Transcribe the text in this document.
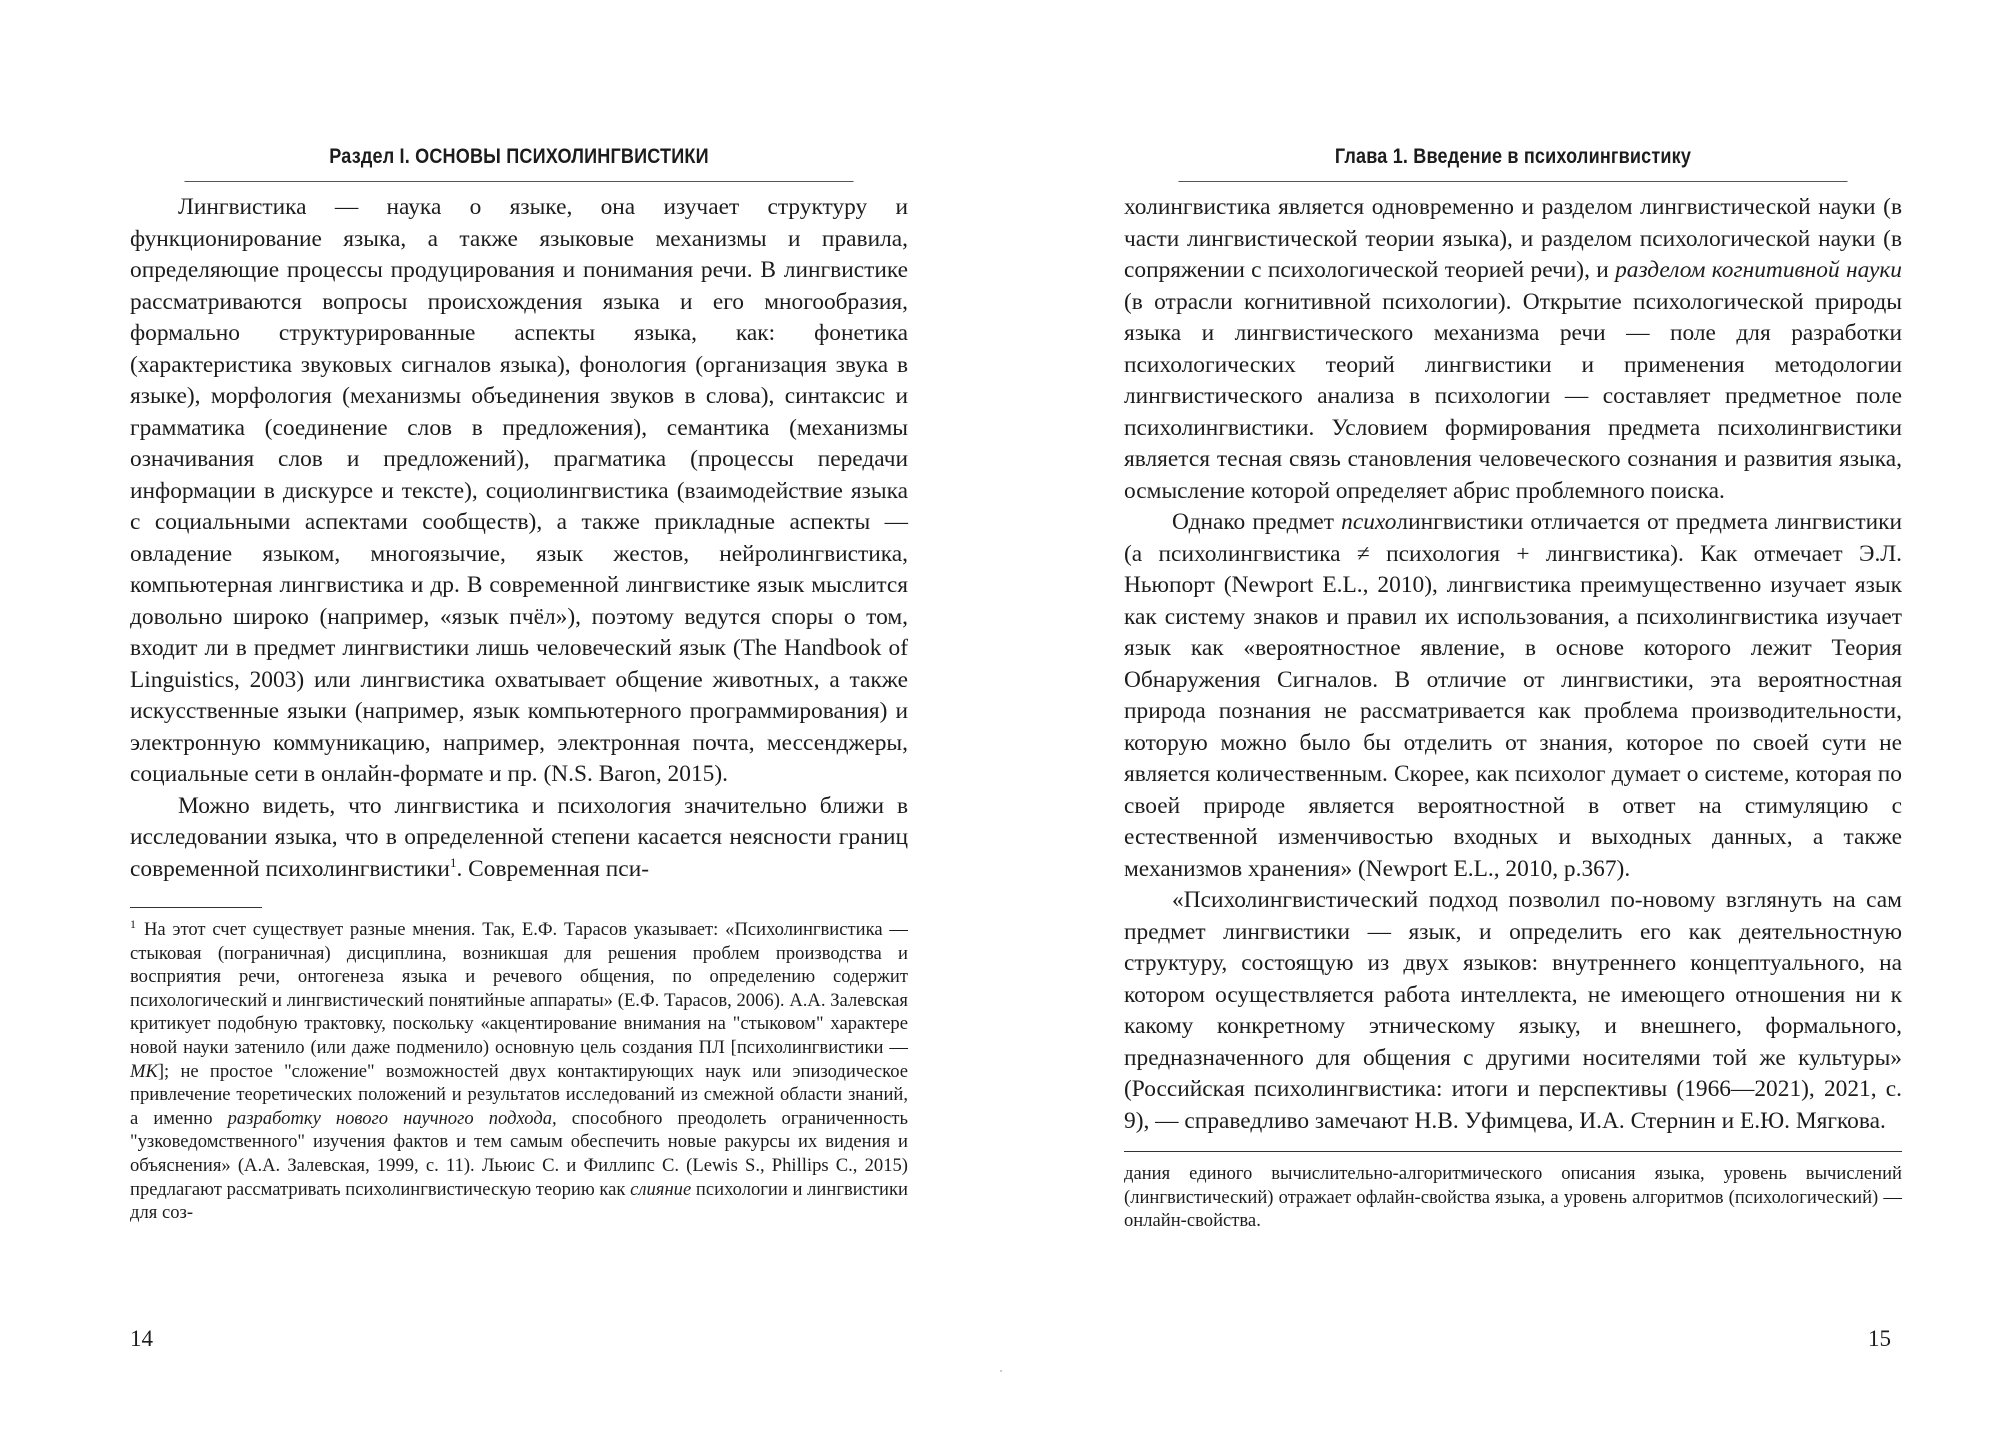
Раздел I. ОСНОВЫ ПСИХОЛИНГВИСТИКИ

Лингвистика — наука о языке, она изучает структуру и функционирование языка, а также языковые механизмы и правила, определяющие процессы продуцирования и понимания речи. В лингвистике рассматриваются вопросы происхождения языка и его многообразия, формально структурированные аспекты языка, как: фонетика (характеристика звуковых сигналов языка), фонология (организация звука в языке), морфология (механизмы объединения звуков в слова), синтаксис и грамматика (соединение слов в предложения), семантика (механизмы означивания слов и предложений), прагматика (процессы передачи информации в дискурсе и тексте), социолингвистика (взаимодействие языка с социальными аспектами сообществ), а также прикладные аспекты — овладение языком, многоязычие, язык жестов, нейролингвистика, компьютерная лингвистика и др. В современной лингвистике язык мыслится довольно широко (например, «язык пчёл»), поэтому ведутся споры о том, входит ли в предмет лингвистики лишь человеческий язык (The Handbook of Linguistics, 2003) или лингвистика охватывает общение животных, а также искусственные языки (например, язык компьютерного программирования) и электронную коммуникацию, например, электронная почта, мессенджеры, социальные сети в онлайн-формате и пр. (N.S. Baron, 2015).

Можно видеть, что лингвистика и психология значительно ближи в исследовании языка, что в определенной степени касается неясности границ современной психолингвистики$^1$. Современная пси-

$^1$ На этот счет существует разные мнения. Так, Е.Ф. Тарасов указывает: «Психолингвистика — стыковая (пограничная) дисциплина, возникшая для решения проблем производства и восприятия речи, онтогенеза языка и речевого общения, по определению содержит психологический и лингвистический понятийные аппараты» (Е.Ф. Тарасов, 2006). А.А. Залевская критикует подобную трактовку, поскольку «акцентирование внимания на "стыковом" характере новой науки затенило (или даже подменило) основную цель создания ПЛ [психолингвистики — МК]; не простое "сложение" возможностей двух контактирующих наук или эпизодическое привлечение теоретических положений и результатов исследований из смежной области знаний, а именно разработку нового научного подхода, способного преодолеть ограниченность "узковедомственного" изучения фактов и тем самым обеспечить новые ракурсы их видения и объяснения» (А.А. Залевская, 1999, с. 11). Льюис С. и Филлипс С. (Lewis S., Phillips C., 2015) предлагают рассматривать психолингвистическую теорию как слияние психологии и лингвистики для соз-

14
Глава 1. Введение в психолингвистику

холингвистика является одновременно и разделом лингвистической науки (в части лингвистической теории языка), и разделом психологической науки (в сопряжении с психологической теорией речи), и разделом когнитивной науки (в отрасли когнитивной психологии). Открытие психологической природы языка и лингвистического механизма речи — поле для разработки психологических теорий лингвистики и применения методологии лингвистического анализа в психологии — составляет предметное поле психолингвистики. Условием формирования предмета психолингвистики является тесная связь становления человеческого сознания и развития языка, осмысление которой определяет абрис проблемного поиска.

Однако предмет психолингвистики отличается от предмета лингвистики (а психолингвистика ≠ психология + лингвистика). Как отмечает Э.Л. Ньюпорт (Newport E.L., 2010), лингвистика преимущественно изучает язык как систему знаков и правил их использования, а психолингвистика изучает язык как «вероятностное явление, в основе которого лежит Теория Обнаружения Сигналов. В отличие от лингвистики, эта вероятностная природа познания не рассматривается как проблема производительности, которую можно было бы отделить от знания, которое по своей сути не является количественным. Скорее, как психолог думает о системе, которая по своей природе является вероятностной в ответ на стимуляцию с естественной изменчивостью входных и выходных данных, а также механизмов хранения» (Newport E.L., 2010, p.367).

«Психолингвистический подход позволил по-новому взглянуть на сам предмет лингвистики — язык, и определить его как деятельностную структуру, состоящую из двух языков: внутреннего концептуального, на котором осуществляется работа интеллекта, не имеющего отношения ни к какому конкретному этническому языку, и внешнего, формального, предназначенного для общения с другими носителями той же культуры» (Российская психолингвистика: итоги и перспективы (1966—2021), 2021, с. 9), — справедливо замечают Н.В. Уфимцева, И.А. Стернин и Е.Ю. Мягкова.

дания единого вычислительно-алгоритмического описания языка, уровень вычислений (лингвистический) отражает офлайн-свойства языка, а уровень алгоритмов (психологический) — онлайн-свойства.

15
